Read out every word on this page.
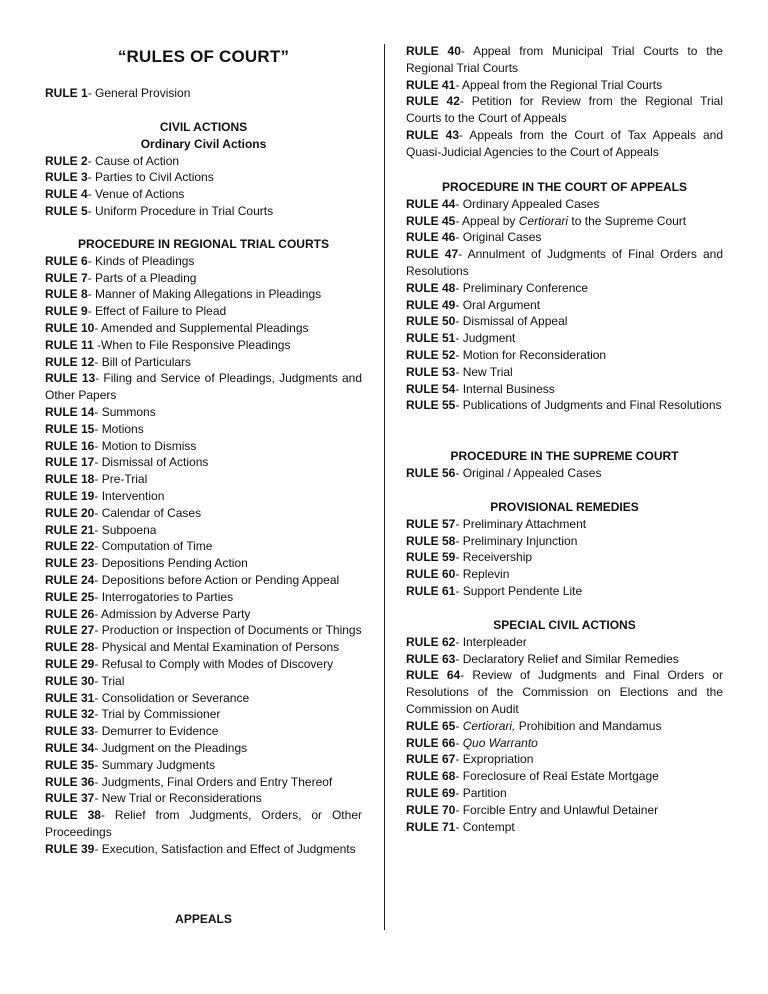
“RULES OF COURT”
RULE 1- General Provision
CIVIL ACTIONS
Ordinary Civil Actions
RULE 2- Cause of Action
RULE 3- Parties to Civil Actions
RULE 4- Venue of Actions
RULE 5- Uniform Procedure in Trial Courts
PROCEDURE IN REGIONAL TRIAL COURTS
RULE 6- Kinds of Pleadings
RULE 7- Parts of a Pleading
RULE 8- Manner of Making Allegations in Pleadings
RULE 9- Effect of Failure to Plead
RULE 10- Amended and Supplemental Pleadings
RULE 11 -When to File Responsive Pleadings
RULE 12- Bill of Particulars
RULE 13- Filing and Service of Pleadings, Judgments and Other Papers
RULE 14- Summons
RULE 15- Motions
RULE 16- Motion to Dismiss
RULE 17- Dismissal of Actions
RULE 18- Pre-Trial
RULE 19- Intervention
RULE 20- Calendar of Cases
RULE 21- Subpoena
RULE 22- Computation of Time
RULE 23- Depositions Pending Action
RULE 24- Depositions before Action or Pending Appeal
RULE 25- Interrogatories to Parties
RULE 26- Admission by Adverse Party
RULE 27- Production or Inspection of Documents or Things
RULE 28- Physical and Mental Examination of Persons
RULE 29- Refusal to Comply with Modes of Discovery
RULE 30- Trial
RULE 31- Consolidation or Severance
RULE 32- Trial by Commissioner
RULE 33- Demurrer to Evidence
RULE 34- Judgment on the Pleadings
RULE 35- Summary Judgments
RULE 36- Judgments, Final Orders and Entry Thereof
RULE 37- New Trial or Reconsiderations
RULE 38- Relief from Judgments, Orders, or Other Proceedings
RULE 39- Execution, Satisfaction and Effect of Judgments
APPEALS
RULE 40- Appeal from Municipal Trial Courts to the Regional Trial Courts
RULE 41- Appeal from the Regional Trial Courts
RULE 42- Petition for Review from the Regional Trial Courts to the Court of Appeals
RULE 43- Appeals from the Court of Tax Appeals and Quasi-Judicial Agencies to the Court of Appeals
PROCEDURE IN THE COURT OF APPEALS
RULE 44- Ordinary Appealed Cases
RULE 45- Appeal by Certiorari to the Supreme Court
RULE 46- Original Cases
RULE 47- Annulment of Judgments of Final Orders and Resolutions
RULE 48- Preliminary Conference
RULE 49- Oral Argument
RULE 50- Dismissal of Appeal
RULE 51- Judgment
RULE 52- Motion for Reconsideration
RULE 53- New Trial
RULE 54- Internal Business
RULE 55- Publications of Judgments and Final Resolutions
PROCEDURE IN THE SUPREME COURT
RULE 56- Original / Appealed Cases
PROVISIONAL REMEDIES
RULE 57- Preliminary Attachment
RULE 58- Preliminary Injunction
RULE 59- Receivership
RULE 60- Replevin
RULE 61- Support Pendente Lite
SPECIAL CIVIL ACTIONS
RULE 62- Interpleader
RULE 63- Declaratory Relief and Similar Remedies
RULE 64- Review of Judgments and Final Orders or Resolutions of the Commission on Elections and the Commission on Audit
RULE 65- Certiorari, Prohibition and Mandamus
RULE 66- Quo Warranto
RULE 67- Expropriation
RULE 68- Foreclosure of Real Estate Mortgage
RULE 69- Partition
RULE 70- Forcible Entry and Unlawful Detainer
RULE 71- Contempt
